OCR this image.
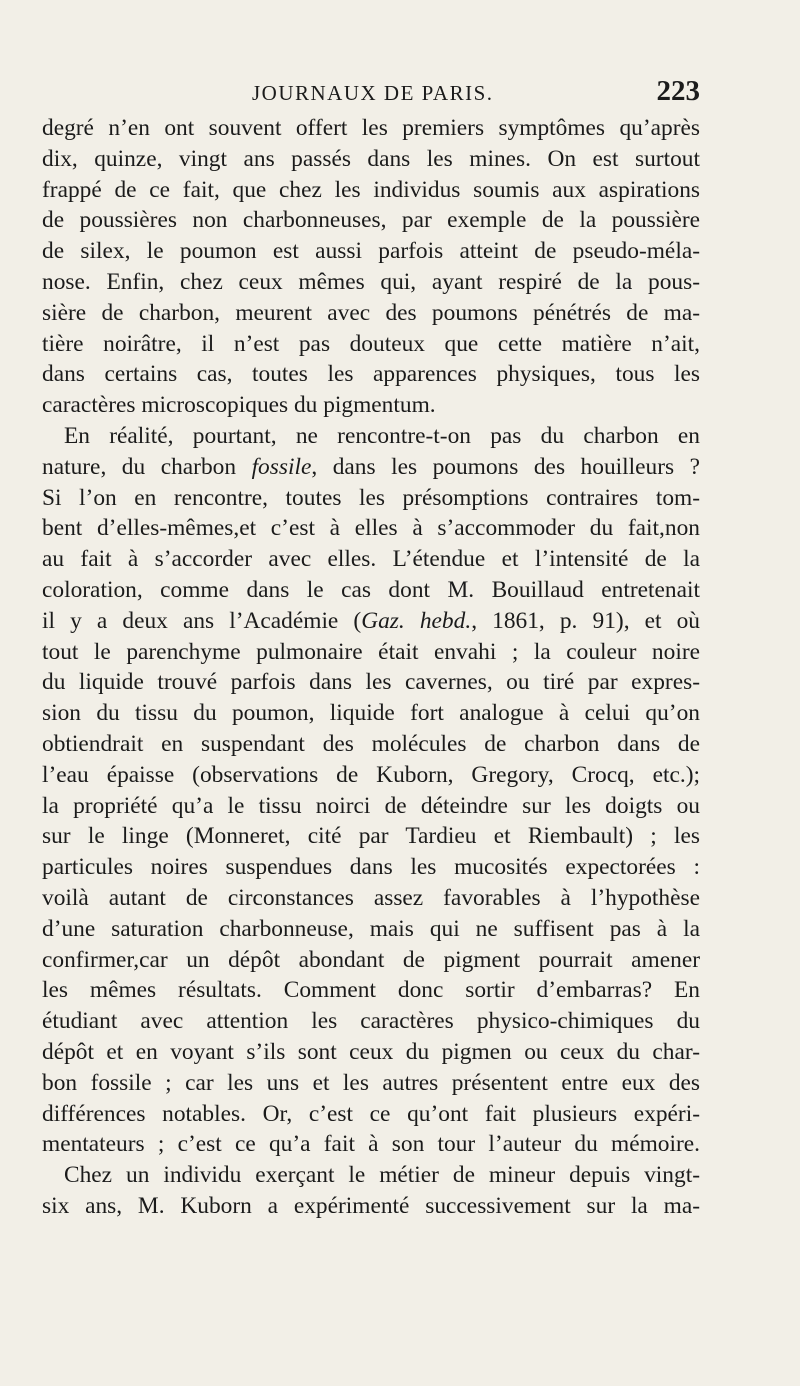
JOURNAUX DE PARIS.	223
degré n’en ont souvent offert les premiers symptômes qu’après
dix, quinze, vingt ans passés dans les mines. On est surtout
frappé de ce fait, que chez les individus soumis aux aspirations
de poussières non charbonneuses, par exemple de la poussière
de silex, le poumon est aussi parfois atteint de pseudo-méla-
nose. Enfin, chez ceux mêmes qui, ayant respiré de la pous-
sière de charbon, meurent avec des poumons pénétrés de ma-
tière noirâtre, il n’est pas douteux que cette matière n’ait,
dans certains cas, toutes les apparences physiques, tous les
caractères microscopiques du pigmentum.
En réalité, pourtant, ne rencontre-t-on pas du charbon en
nature, du charbon fossile, dans les poumons des houilleurs ?
Si l’on en rencontre, toutes les présomptions contraires tom-
bent d’elles-mêmes,et c’est à elles à s’accommoder du fait,non
au fait à s’accorder avec elles. L’étendue et l’intensité de la
coloration, comme dans le cas dont M. Bouillaud entretenait
il y a deux ans l’Académie (Gaz. hebd., 1861, p. 91), et où
tout le parenchyme pulmonaire était envahi ; la couleur noire
du liquide trouvé parfois dans les cavernes, ou tiré par expres-
sion du tissu du poumon, liquide fort analogue à celui qu’on
obtiendrait en suspendant des molécules de charbon dans de
l’eau épaisse (observations de Kuborn, Gregory, Crocq, etc.);
la propriété qu’a le tissu noirci de déteindre sur les doigts ou
sur le linge (Monneret, cité par Tardieu et Riembault) ; les
particules noires suspendues dans les mucosités expectorées :
voilà autant de circonstances assez favorables à l’hypothèse
d’une saturation charbonneuse, mais qui ne suffisent pas à la
confirmer,car un dépôt abondant de pigment pourrait amener
les mêmes résultats. Comment donc sortir d’embarras? En
étudiant avec attention les caractères physico-chimiques du
dépôt et en voyant s’ils sont ceux du pigmen ou ceux du char-
bon fossile ; car les uns et les autres présentent entre eux des
différences notables. Or, c’est ce qu’ont fait plusieurs expéri-
mentateurs ; c’est ce qu’a fait à son tour l’auteur du mémoire.
Chez un individu exerçant le métier de mineur depuis vingt-
six ans, M. Kuborn a expérimenté successivement sur la ma-
